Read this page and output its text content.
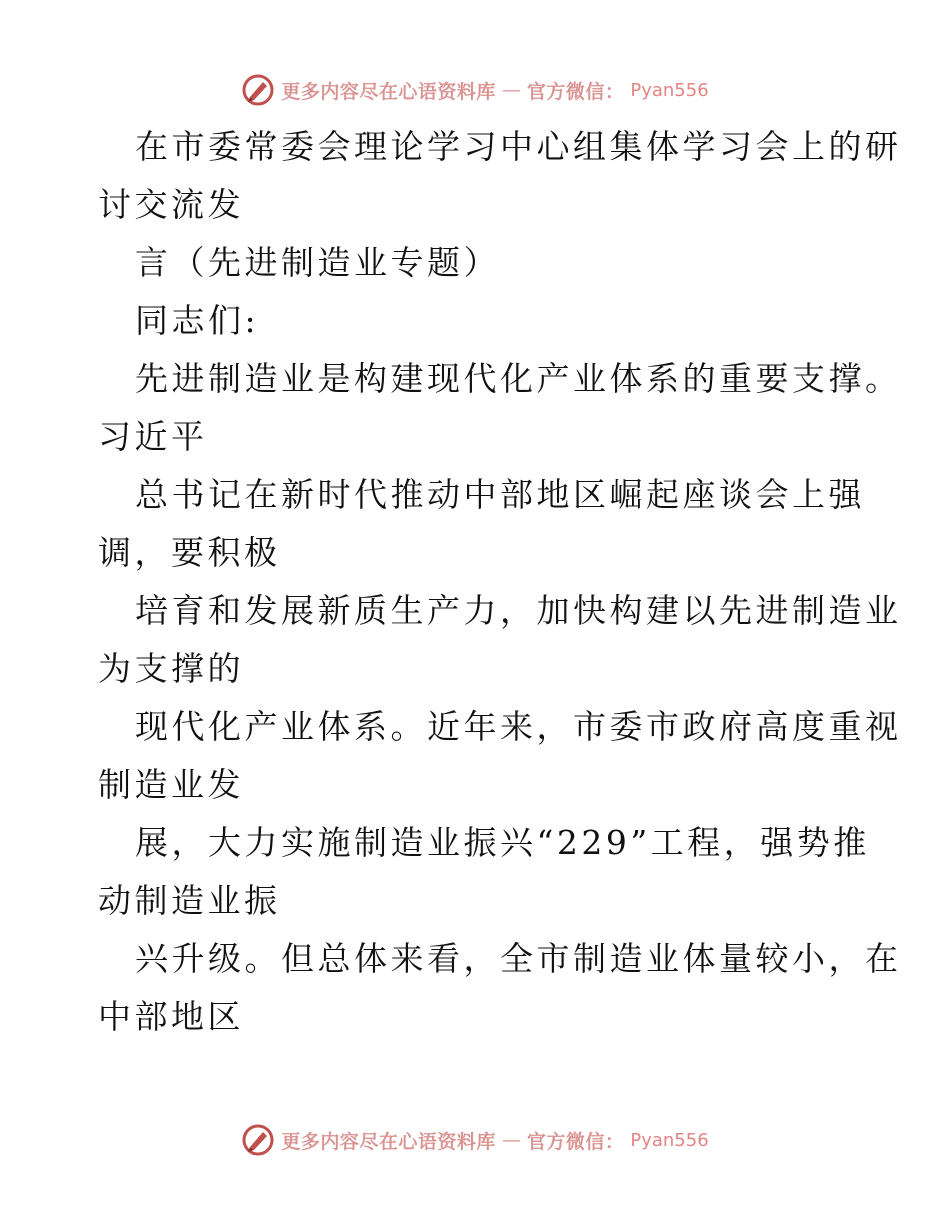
更多内容尽在心语资料库 — 官方微信： Pyan556

在市委常委会理论学习中心组集体学习会上的研
讨交流发

言（先进制造业专题）

同志们:

先进制造业是构建现代化产业体系的重要支撑。
习近平

总书记在新时代推动中部地区崛起座谈会上强
调，要积极

培育和发展新质生产力，加快构建以先进制造业
为支撑的

现代化产业体系。近年来，市委市政府高度重视
制造业发

展，大力实施制造业振兴“229”工程，强势推
动制造业振

兴升级。但总体来看，全市制造业体量较小，在
中部地区

更多内容尽在心语资料库 — 官方微信： Pyan556
